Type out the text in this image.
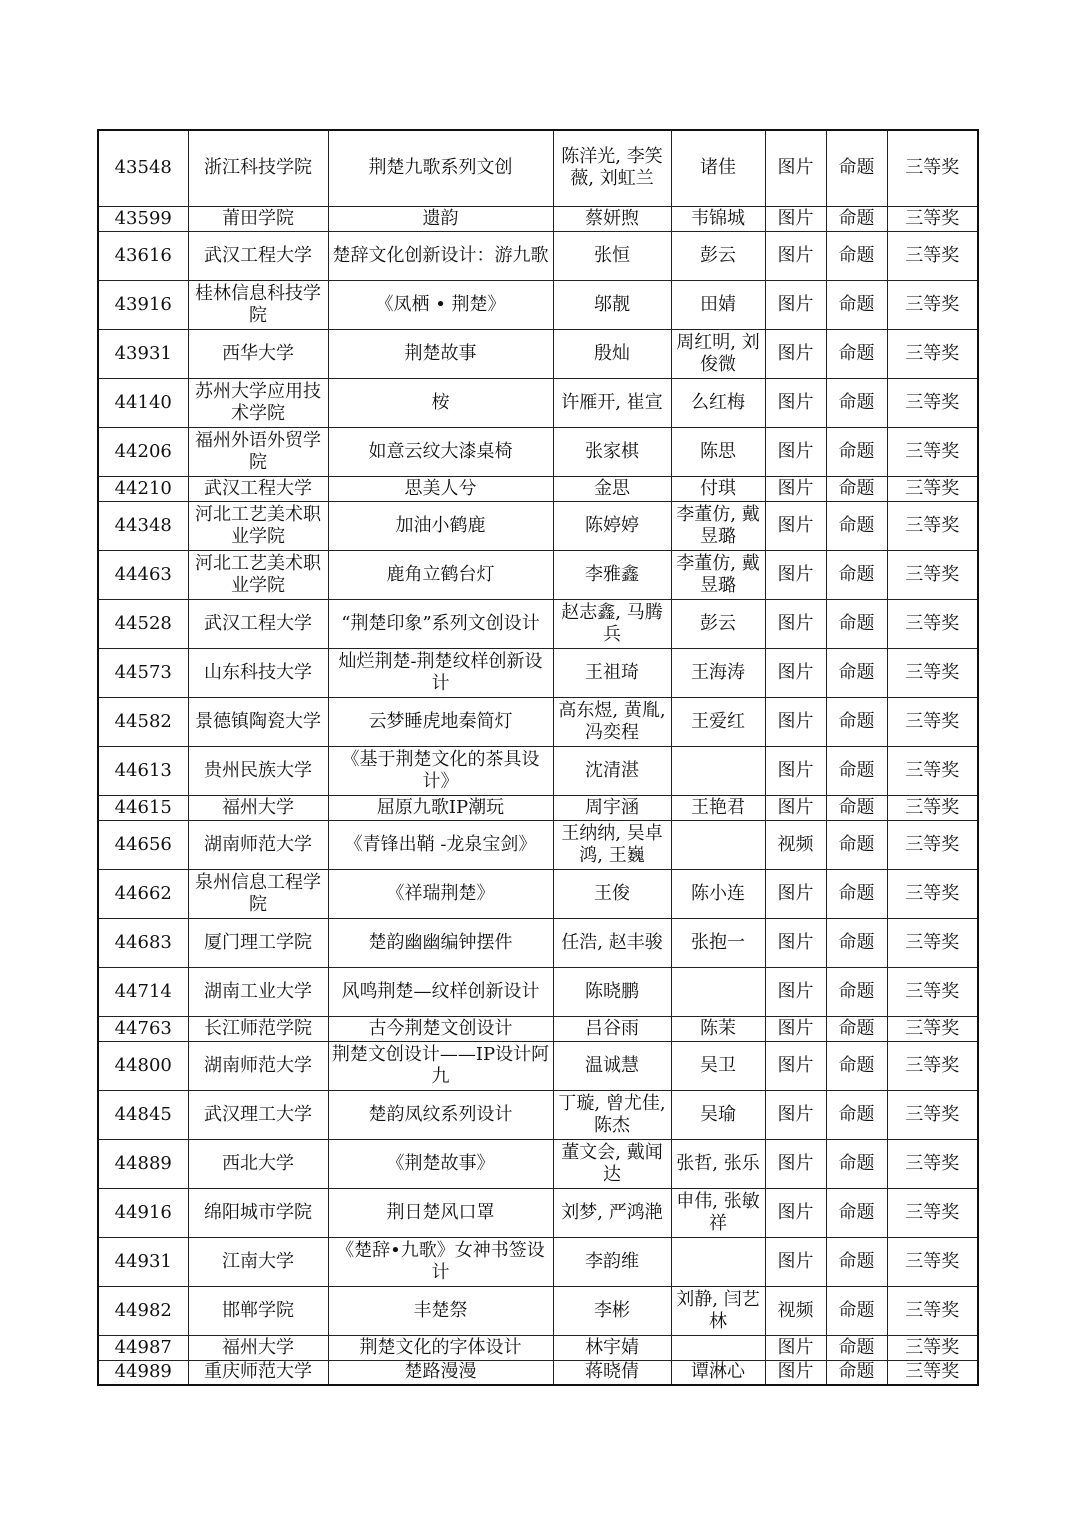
43548	浙江科技学院	荆楚九歌系列文创	陈洋光, 李笑薇, 刘虹兰	诸佳	图片	命题	三等奖
43599	莆田学院	遗韵	蔡妍煦	韦锦城	图片	命题	三等奖
43616	武汉工程大学	楚辞文化创新设计：游九歌	张恒	彭云	图片	命题	三等奖
43916	桂林信息科技学院	《凤栖 • 荆楚》	邬靓	田婧	图片	命题	三等奖
43931	西华大学	荆楚故事	殷灿	周红明, 刘俊微	图片	命题	三等奖
44140	苏州大学应用技术学院	桉	许雁开, 崔宣	么红梅	图片	命题	三等奖
44206	福州外语外贸学院	如意云纹大漆桌椅	张家棋	陈思	图片	命题	三等奖
44210	武汉工程大学	思美人兮	金思	付琪	图片	命题	三等奖
44348	河北工艺美术职业学院	加油小鹤鹿	陈婷婷	李董仿, 戴昱璐	图片	命题	三等奖
44463	河北工艺美术职业学院	鹿角立鹤台灯	李雅鑫	李董仿, 戴昱璐	图片	命题	三等奖
44528	武汉工程大学	“荆楚印象”系列文创设计	赵志鑫, 马腾兵	彭云	图片	命题	三等奖
44573	山东科技大学	灿烂荆楚-荆楚纹样创新设计	王祖琦	王海涛	图片	命题	三等奖
44582	景德镇陶瓷大学	云梦睡虎地秦简灯	高东煜, 黄胤, 冯奕程	王爱红	图片	命题	三等奖
44613	贵州民族大学	《基于荆楚文化的茶具设计》	沈清湛		图片	命题	三等奖
44615	福州大学	屈原九歌IP潮玩	周宇涵	王艳君	图片	命题	三等奖
44656	湖南师范大学	《青锋出鞘 -龙泉宝剑》	王纳纳, 吴卓鸿, 王巍		视频	命题	三等奖
44662	泉州信息工程学院	《祥瑞荆楚》	王俊	陈小连	图片	命题	三等奖
44683	厦门理工学院	楚韵幽幽编钟摆件	任浩, 赵丰骏	张抱一	图片	命题	三等奖
44714	湖南工业大学	风鸣荆楚—纹样创新设计	陈晓鹏		图片	命题	三等奖
44763	长江师范学院	古今荆楚文创设计	吕谷雨	陈茉	图片	命题	三等奖
44800	湖南师范大学	荆楚文创设计——IP设计阿九	温诚慧	吴卫	图片	命题	三等奖
44845	武汉理工大学	楚韵凤纹系列设计	丁璇, 曾尤佳, 陈杰	吴瑜	图片	命题	三等奖
44889	西北大学	《荆楚故事》	董文会, 戴闻达	张哲, 张乐	图片	命题	三等奖
44916	绵阳城市学院	荆日楚风口罩	刘梦, 严鸿滟	申伟, 张敏祥	图片	命题	三等奖
44931	江南大学	《楚辞•九歌》女神书签设计	李韵维		图片	命题	三等奖
44982	邯郸学院	丰楚祭	李彬	刘静, 闫艺林	视频	命题	三等奖
44987	福州大学	荆楚文化的字体设计	林宇婧		图片	命题	三等奖
44989	重庆师范大学	楚路漫漫	蒋晓倩	谭淋心	图片	命题	三等奖
